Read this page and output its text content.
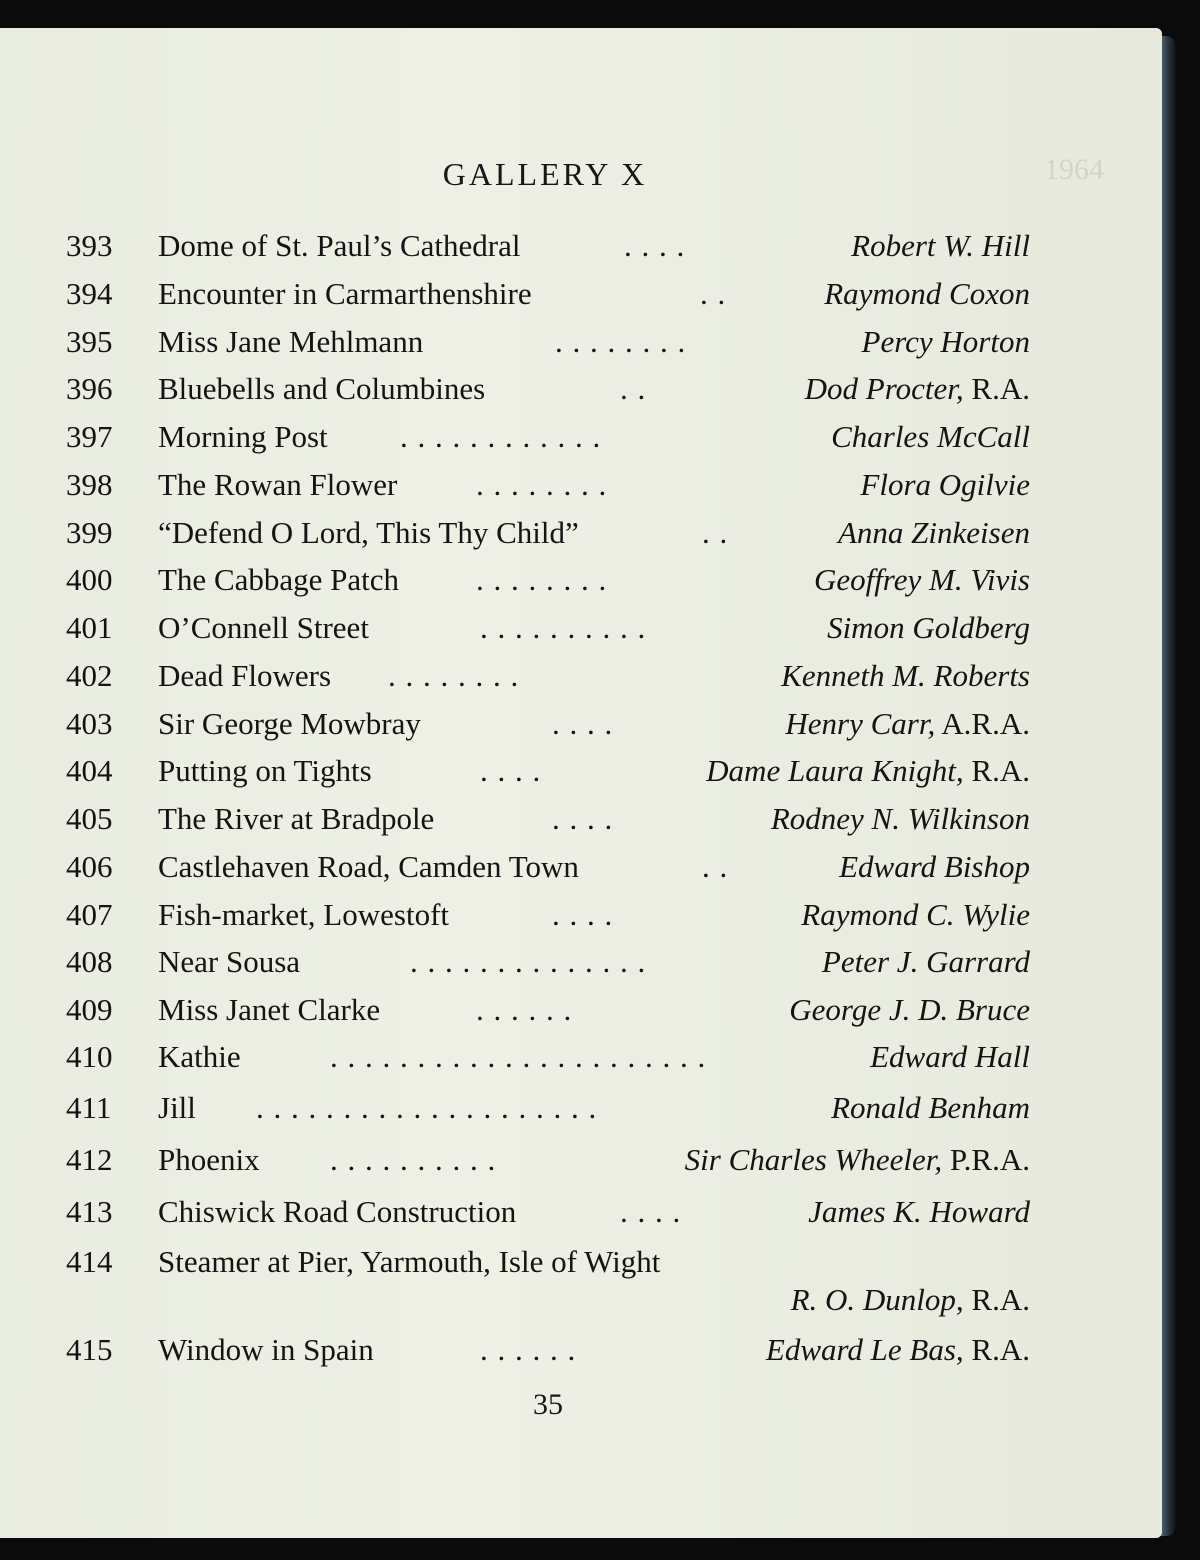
1964
GALLERY X
393 Dome of St. Paul’s Cathedral	. . . .	Robert W. Hill
394 Encounter in Carmarthenshire	. .	Raymond Coxon
395 Miss Jane Mehlmann	. . . . . . . .	Percy Horton
396 Bluebells and Columbines	. .	Dod Procter, R.A.
397 Morning Post . . . . . . . . . . . .	Charles McCall
398 The Rowan Flower	. . . . . . . .	Flora Ogilvie
399 “Defend O Lord, This Thy Child”	. .	Anna Zinkeisen
400 The Cabbage Patch . . . . . . . .	Geoffrey M. Vivis
401 O’Connell Street	. . . . . . . . . .	Simon Goldberg
402 Dead Flowers . . . . . . . .	Kenneth M. Roberts
403 Sir George Mowbray	. . . .	Henry Carr, A.R.A.
404 Putting on Tights	. . . .	Dame Laura Knight, R.A.
405 The River at Bradpole	. . . .	Rodney N. Wilkinson
406 Castlehaven Road, Camden Town	. .	Edward Bishop
407 Fish-market, Lowestoft	. . . .	Raymond C. Wylie
408 Near Sousa	. . . . . . . . . . . . . .	Peter J. Garrard
409 Miss Janet Clarke	. . . . . .	George J. D. Bruce
410 Kathie	. . . . . . . . . . . . . . . . . . . . . .	Edward Hall
411 Jill . . . . . . . . . . . . . . . . . . . .	Ronald Benham
412 Phoenix . . . . . . . . . .	Sir Charles Wheeler, P.R.A.
413 Chiswick Road Construction	. . . .	James K. Howard
414 Steamer at Pier, Yarmouth, Isle of Wight
R. O. Dunlop, R.A.
415 Window in Spain	. . . . . .	Edward Le Bas, R.A.
35
